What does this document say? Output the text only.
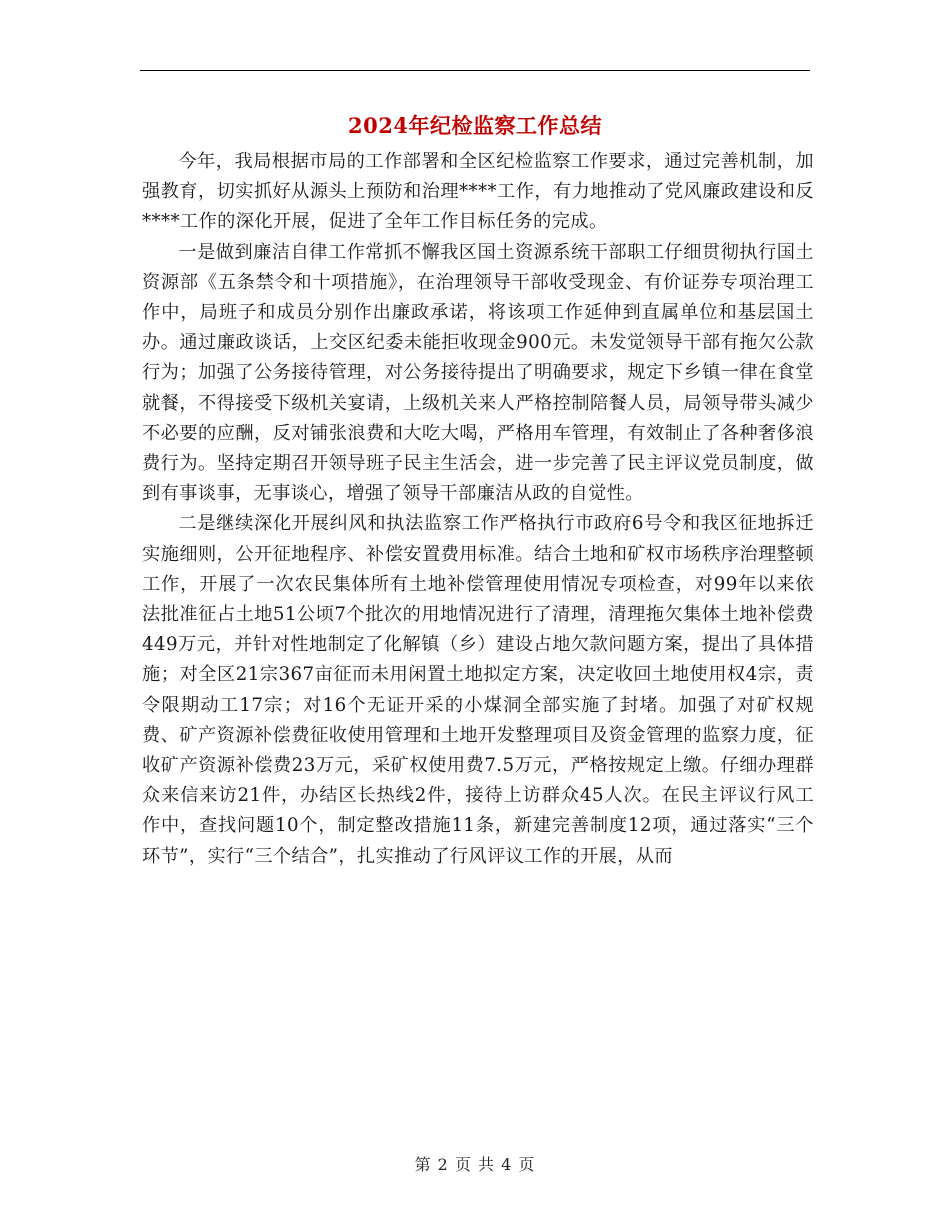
2024年纪检监察工作总结

今年，我局根据市局的工作部署和全区纪检监察工作要求，通过完善机制，加强教育，切实抓好从源头上预防和治理****工作，有力地推动了党风廉政建设和反****工作的深化开展，促进了全年工作目标任务的完成。

一是做到廉洁自律工作常抓不懈我区国土资源系统干部职工仔细贯彻执行国土资源部《五条禁令和十项措施》，在治理领导干部收受现金、有价证券专项治理工作中，局班子和成员分别作出廉政承诺，将该项工作延伸到直属单位和基层国土办。通过廉政谈话，上交区纪委未能拒收现金900元。未发觉领导干部有拖欠公款行为；加强了公务接待管理，对公务接待提出了明确要求，规定下乡镇一律在食堂就餐，不得接受下级机关宴请，上级机关来人严格控制陪餐人员，局领导带头减少不必要的应酬，反对铺张浪费和大吃大喝，严格用车管理，有效制止了各种奢侈浪费行为。坚持定期召开领导班子民主生活会，进一步完善了民主评议党员制度，做到有事谈事，无事谈心，增强了领导干部廉洁从政的自觉性。

二是继续深化开展纠风和执法监察工作严格执行市政府6号令和我区征地拆迁实施细则，公开征地程序、补偿安置费用标准。结合土地和矿权市场秩序治理整顿工作，开展了一次农民集体所有土地补偿管理使用情况专项检查，对99年以来依法批准征占土地51公顷7个批次的用地情况进行了清理，清理拖欠集体土地补偿费449万元，并针对性地制定了化解镇（乡）建设占地欠款问题方案，提出了具体措施；对全区21宗367亩征而未用闲置土地拟定方案，决定收回土地使用权4宗，责令限期动工17宗；对16个无证开采的小煤洞全部实施了封堵。加强了对矿权规费、矿产资源补偿费征收使用管理和土地开发整理项目及资金管理的监察力度，征收矿产资源补偿费23万元，采矿权使用费7.5万元，严格按规定上缴。仔细办理群众来信来访21件，办结区长热线2件，接待上访群众45人次。在民主评议行风工作中，查找问题10个，制定整改措施11条，新建完善制度12项，通过落实“三个环节”，实行“三个结合”，扎实推动了行风评议工作的开展，从而

第 2 页 共 4 页
